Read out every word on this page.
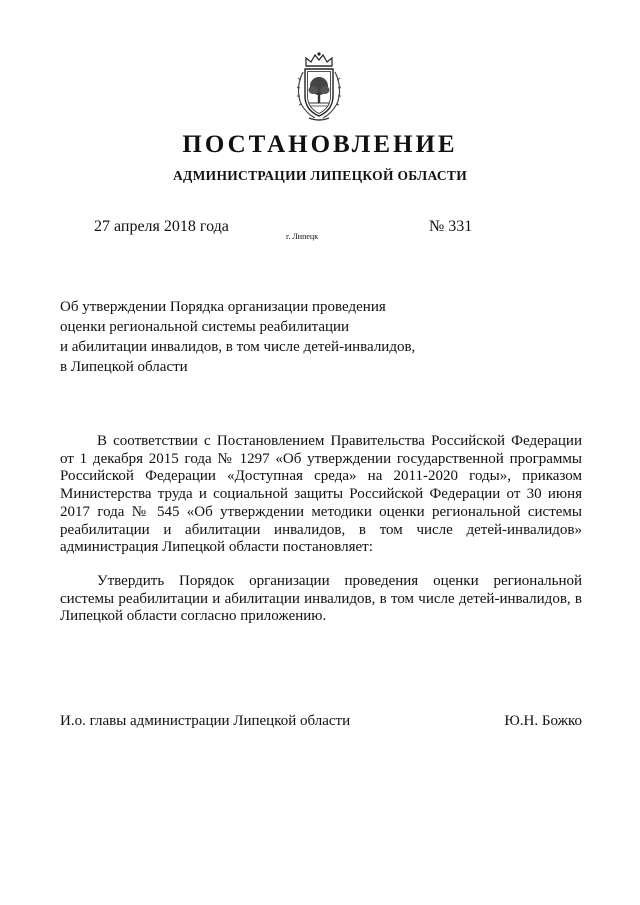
ПОСТАНОВЛЕНИЕ
АДМИНИСТРАЦИИ ЛИПЕЦКОЙ ОБЛАСТИ
27 апреля 2018 года
г. Липецк
№ 331
Об утверждении Порядка организации проведения
оценки региональной системы реабилитации
и абилитации инвалидов, в том числе детей-инвалидов,
в Липецкой области
В соответствии с Постановлением Правительства Российской Федерации
от 1 декабря 2015 года № 1297 «Об утверждении государственной программы
Российской Федерации «Доступная среда» на 2011-2020 годы», приказом
Министерства труда и социальной защиты Российской Федерации от 30 июня
2017 года № 545 «Об утверждении методики оценки региональной системы
реабилитации и абилитации инвалидов, в том числе детей-инвалидов»
администрация Липецкой области постановляет:
Утвердить Порядок организации проведения оценки региональной
системы реабилитации и абилитации инвалидов, в том числе детей-инвалидов, в
Липецкой области согласно приложению.
И.о. главы администрации Липецкой области	Ю.Н. Божко
